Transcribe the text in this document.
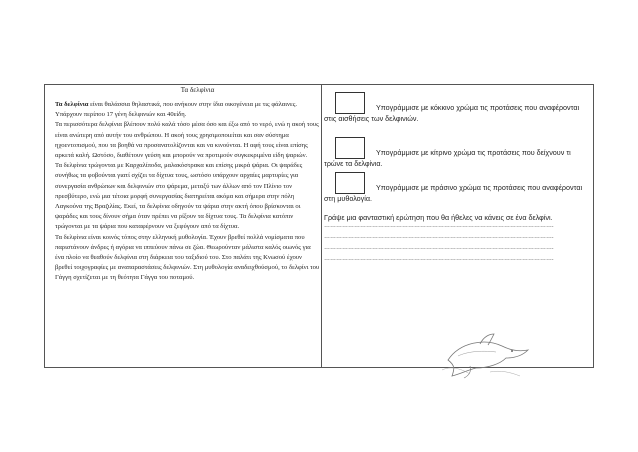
Τα δελφίνια

Τα δελφίνια είναι θαλάσσια θηλαστικά, που ανήκουν στην ίδια οικογένεια με τις φάλαινες. Υπάρχουν περίπου 17 γένη δελφινιών και 40είδη.

Τα περισσότερα δελφίνια βλέπουν πολύ καλά τόσο μέσα όσο και έξω από το νερό, ενώ η ακοή τους είναι ανώτερη από αυτήν του ανθρώπου. Η ακοή τους χρησιμοποιείται και σαν σύστημα ηχοεντοπισμού, που τα βοηθά να προσανατολίζονται και να κινούνται. Η αφή τους είναι επίσης αρκετά καλή. Ωστόσο, διαθέτουν γεύση και μπορούν να προτιμούν συγκεκριμένα είδη ψαριών.

Τα δελφίνια τρώγονται με Καρχαλίποδα, μαλακόστρακα και επίσης μικρά ψάρια. Οι ψαράδες συνήθως τα φοβούνται γιατί σχίζει τα δίχτυα τους, ωστόσο υπάρχουν αρχαίες μαρτυρίες για συνεργασία ανθρώπων και δελφινιών στο ψάρεμα, μεταξύ των άλλων από τον Πλίνιο τον πρεσβύτερο, ενώ μια τέτοια μορφή συνεργασίας διατηρείται ακόμα και σήμερα στην πόλη Λαγκούνα της Βραζιλίας. Εκεί, τα δελφίνια οδηγούν τα ψάρια στην ακτή όπου βρίσκονται οι ψαράδες και τους δίνουν σήμα όταν πρέπει να ρίξουν τα δίχτυα τους. Τα δελφίνια κατόπιν τρώγονται με τα ψάρια που καταφέρνουν να ξεφύγουν από τα δίχτυα.

Τα δελφίνια είναι κοινός τόπος στην ελληνική μυθολογία. Έχουν βρεθεί πολλά νομίσματα που παριστάνουν άνδρες ή αγόρια να ιππεύουν πάνω σε ζώα. Θεωρούνταν μάλιστα καλός οιωνός για ένα πλοίο να θεαθούν δελφίνια στη διάρκεια του ταξιδιού του. Στο παλάτι της Κνωσού έχουν βρεθεί τοιχογραφίες με αναπαραστάσεις δελφινιών. Στη μυθολογία αναδειχθούσμού, το δελφίνι του Γάγγη σχετίζεται με τη θεότητα Γάγγα του ποταμού.

Υπογράμμισε με κόκκινο χρώμα τις προτάσεις που αναφέρονται στις αισθήσεις των δελφινιών.
Υπογράμμισε με κίτρινο χρώμα τις προτάσεις που δείχνουν τι τρώνε τα δελφίνια.
Υπογράμμισε με πράσινο χρώμα τις προτάσεις που αναφέρονται στη μυθολογία.
Γράψε μια φανταστική ερώτηση που θα ήθελες να κάνεις σε ένα δελφίνι.
…………………………………………………………………………………………………….
…………………………………………………………………………………………………….
…………………………………………………………………………………………………….
…………………………………………………………………………………………………….
